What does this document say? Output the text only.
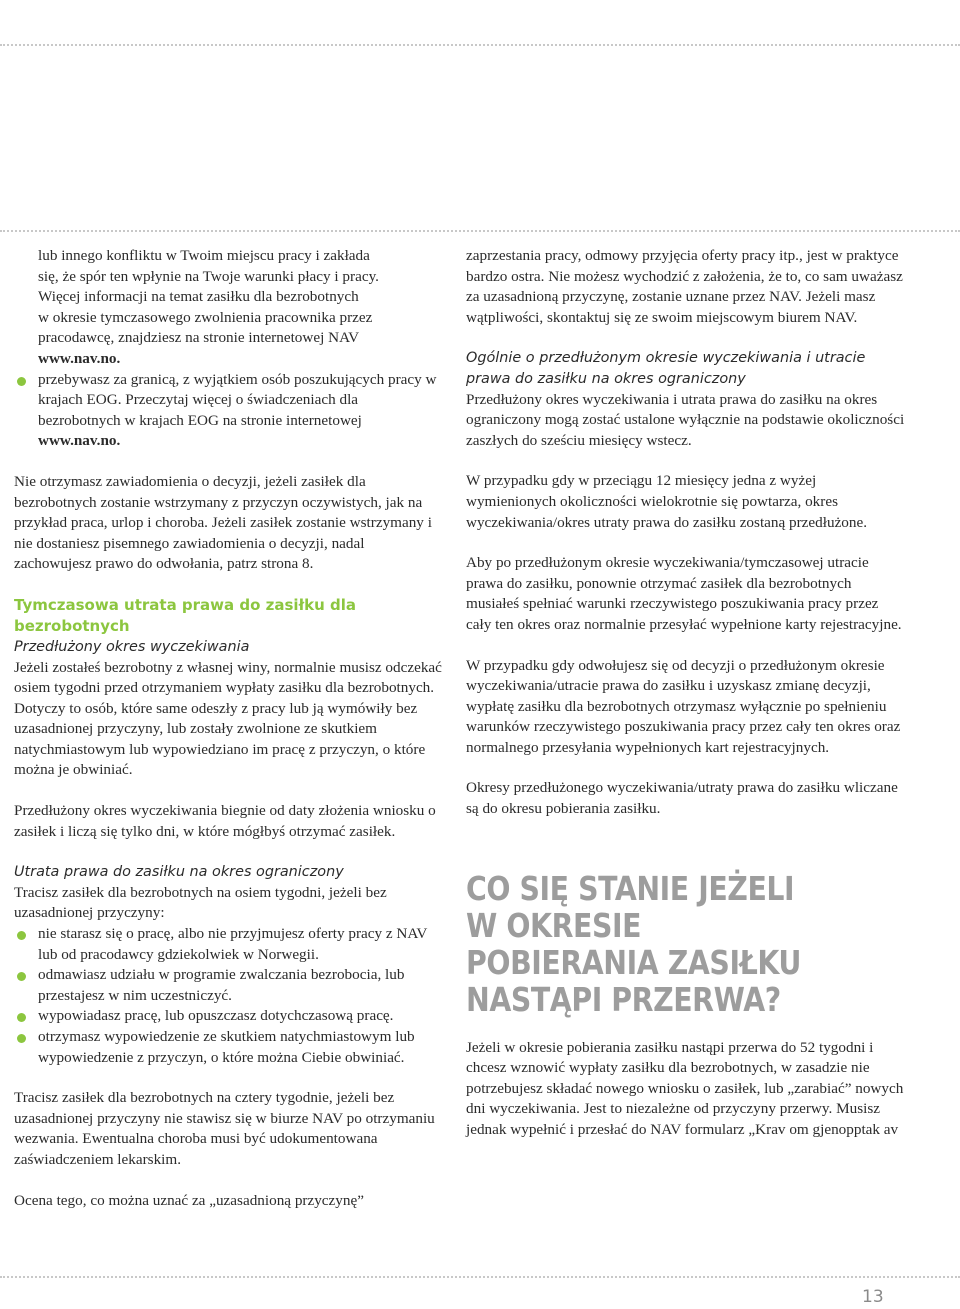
lub innego konfliktu w Twoim miejscu pracy i zakłada

się, że spór ten wpłynie na Twoje warunki płacy i pracy.

Więcej informacji na temat zasiłku dla bezrobotnych

w okresie tymczasowego zwolnienia pracownika przez

pracodawcę, znajdziesz na stronie internetowej NAV

www.nav.no.

przebywasz za granicą, z wyjątkiem osób poszukujących pracy w krajach EOG. Przeczytaj więcej o świadczeniach dla bezrobotnych w krajach EOG na stronie internetowej www.nav.no.

Nie otrzymasz zawiadomienia o decyzji, jeżeli zasiłek dla bezrobotnych zostanie wstrzymany z przyczyn oczywistych, jak na przykład praca, urlop i choroba. Jeżeli zasiłek zostanie wstrzymany i nie dostaniesz pisemnego zawiadomienia o decyzji, nadal zachowujesz prawo do odwołania, patrz strona 8.

Tymczasowa utrata prawa do zasiłku dla bezrobotnych

Przedłużony okres wyczekiwania

Jeżeli zostałeś bezrobotny z własnej winy, normalnie musisz odczekać osiem tygodni przed otrzymaniem wypłaty zasiłku dla bezrobotnych. Dotyczy to osób, które same odeszły z pracy lub ją wymówiły bez uzasadnionej przyczyny, lub zostały zwolnione ze skutkiem natychmiastowym lub wypowiedziano im pracę z przyczyn, o które można je obwiniać.

Przedłużony okres wyczekiwania biegnie od daty złożenia wniosku o zasiłek i liczą się tylko dni, w które mógłbyś otrzymać zasiłek.

Utrata prawa do zasiłku na okres ograniczony

Tracisz zasiłek dla bezrobotnych na osiem tygodni, jeżeli bez uzasadnionej przyczyny:

nie starasz się o pracę, albo nie przyjmujesz oferty pracy z NAV lub od pracodawcy gdziekolwiek w Norwegii.
odmawiasz udziału w programie zwalczania bezrobocia, lub przestajesz w nim uczestniczyć.
wypowiadasz pracę, lub opuszczasz dotychczasową pracę.
otrzymasz wypowiedzenie ze skutkiem natychmiastowym lub wypowiedzenie z przyczyn, o które można Ciebie obwiniać.

Tracisz zasiłek dla bezrobotnych na cztery tygodnie, jeżeli bez uzasadnionej przyczyny nie stawisz się w biurze NAV po otrzymaniu wezwania. Ewentualna choroba musi być udokumentowana zaświadczeniem lekarskim.

Ocena tego, co można uznać za „uzasadnioną przyczynę”

zaprzestania pracy, odmowy przyjęcia oferty pracy itp., jest w praktyce bardzo ostra. Nie możesz wychodzić z założenia, że to, co sam uważasz za uzasadnioną przyczynę, zostanie uznane przez NAV. Jeżeli masz wątpliwości, skontaktuj się ze swoim miejscowym biurem NAV.

Ogólnie o przedłużonym okresie wyczekiwania i utracie prawa do zasiłku na okres ograniczony

Przedłużony okres wyczekiwania i utrata prawa do zasiłku na okres ograniczony mogą zostać ustalone wyłącznie na podstawie okoliczności zaszłych do sześciu miesięcy wstecz.

W przypadku gdy w przeciągu 12 miesięcy jedna z wyżej wymienionych okoliczności wielokrotnie się powtarza, okres wyczekiwania/okres utraty prawa do zasiłku zostaną przedłużone.

Aby po przedłużonym okresie wyczekiwania/tymczasowej utracie prawa do zasiłku, ponownie otrzymać zasiłek dla bezrobotnych musiałeś spełniać warunki rzeczywistego poszukiwania pracy przez cały ten okres oraz normalnie przesyłać wypełnione karty rejestracyjne.

W przypadku gdy odwołujesz się od decyzji o przedłużonym okresie wyczekiwania/utracie prawa do zasiłku i uzyskasz zmianę decyzji, wypłatę zasiłku dla bezrobotnych otrzymasz wyłącznie po spełnieniu warunków rzeczywistego poszukiwania pracy przez cały ten okres oraz normalnego przesyłania wypełnionych kart rejestracyjnych.

Okresy przedłużonego wyczekiwania/utraty prawa do zasiłku wliczane są do okresu pobierania zasiłku.

CO SIĘ STANIE JEŻELI W OKRESIE POBIERANIA ZASIŁKU NASTĄPI PRZERWA?

Jeżeli w okresie pobierania zasiłku nastąpi przerwa do 52 tygodni i chcesz wznowić wypłaty zasiłku dla bezrobotnych, w zasadzie nie potrzebujesz składać nowego wniosku o zasiłek, lub „zarabiać” nowych dni wyczekiwania. Jest to niezależne od przyczyny przerwy. Musisz jednak wypełnić i przesłać do NAV formularz „Krav om gjenopptak av

13
